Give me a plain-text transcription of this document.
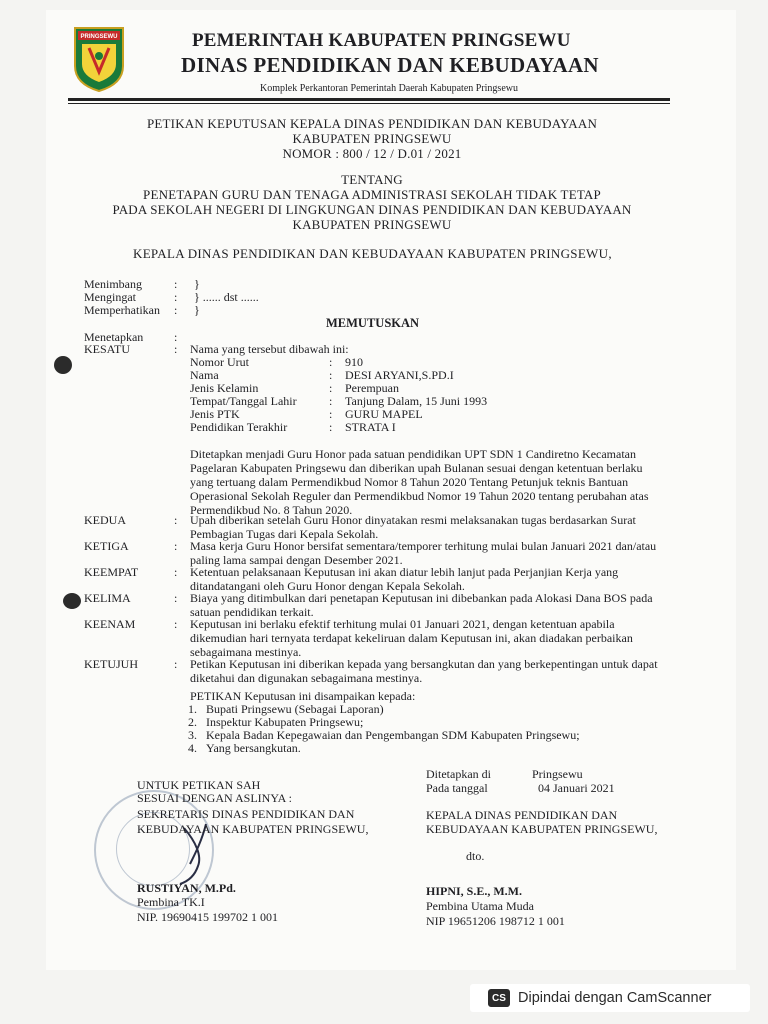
PRINGSEWU	PEMERINTAH KABUPATEN PRINGSEWU
DINAS PENDIDIKAN DAN KEBUDAYAAN
Komplek Perkantoran Pemerintah Daerah Kabupaten Pringsewu
PETIKAN KEPUTUSAN KEPALA DINAS PENDIDIKAN DAN KEBUDAYAAN
KABUPATEN PRINGSEWU
NOMOR : 800 / 12 / D.01 / 2021
TENTANG
PENETAPAN GURU DAN TENAGA ADMINISTRASI SEKOLAH TIDAK TETAP
PADA SEKOLAH NEGERI DI LINGKUNGAN DINAS PENDIDIKAN DAN KEBUDAYAAN
KABUPATEN PRINGSEWU
KEPALA DINAS PENDIDIKAN DAN KEBUDAYAAN KABUPATEN PRINGSEWU,
Menimbang	: }
Mengingat	: } ...... dst ......
Memperhatikan : }
MEMUTUSKAN
Menetapkan	:
KESATU	: Nama yang tersebut dibawah ini:
Nomor Urut	: 910
Nama	: DESI ARYANI,S.PD.I
Jenis Kelamin	: Perempuan
Tempat/Tanggal Lahir	: Tanjung Dalam, 15 Juni 1993
Jenis PTK	: GURU MAPEL
Pendidikan Terakhir	: STRATA I
Ditetapkan menjadi Guru Honor pada satuan pendidikan UPT SDN 1 Candiretno Kecamatan
Pagelaran Kabupaten Pringsewu dan diberikan upah Bulanan sesuai dengan ketentuan berlaku
yang tertuang dalam Permendikbud Nomor 8 Tahun 2020 Tentang Petunjuk teknis Bantuan
Operasional Sekolah Reguler dan Permendikbud Nomor 19 Tahun 2020 tentang perubahan atas
Permendikbud No. 8 Tahun 2020.
KEDUA	: Upah diberikan setelah Guru Honor dinyatakan resmi melaksanakan tugas berdasarkan Surat
Pembagian Tugas dari Kepala Sekolah.
KETIGA	: Masa kerja Guru Honor bersifat sementara/temporer terhitung mulai bulan Januari 2021 dan/atau
paling lama sampai dengan Desember 2021.
KEEMPAT	: Ketentuan pelaksanaan Keputusan ini akan diatur lebih lanjut pada Perjanjian Kerja yang
ditandatangani oleh Guru Honor dengan Kepala Sekolah.
KELIMA	: Biaya yang ditimbulkan dari penetapan Keputusan ini dibebankan pada Alokasi Dana BOS pada
satuan pendidikan terkait.
KEENAM	: Keputusan ini berlaku efektif terhitung mulai 01 Januari 2021, dengan ketentuan apabila
dikemudian hari ternyata terdapat kekeliruan dalam Keputusan ini, akan diadakan perbaikan
sebagaimana mestinya.
KETUJUH	: Petikan Keputusan ini diberikan kepada yang bersangkutan dan yang berkepentingan untuk dapat
diketahui dan digunakan sebagaimana mestinya.
PETIKAN Keputusan ini disampaikan kepada:
1. Bupati Pringsewu (Sebagai Laporan)
2. Inspektur Kabupaten Pringsewu;
3. Kepala Badan Kepegawaian dan Pengembangan SDM Kabupaten Pringsewu;
4. Yang bersangkutan.
UNTUK PETIKAN SAH
SESUAI DENGAN ASLINYA :
SEKRETARIS DINAS PENDIDIKAN DAN
KEBUDAYAAN KABUPATEN PRINGSEWU,
RUSTIYAN, M.Pd.
Pembina TK.I
NIP. 19690415 199702 1 001
Ditetapkan di	Pringsewu
Pada tanggal	04 Januari 2021
KEPALA DINAS PENDIDIKAN DAN
KEBUDAYAAN KABUPATEN PRINGSEWU,
dto.
HIPNI, S.E., M.M.
Pembina Utama Muda
NIP 19651206 198712 1 001
CS Dipindai dengan CamScanner
